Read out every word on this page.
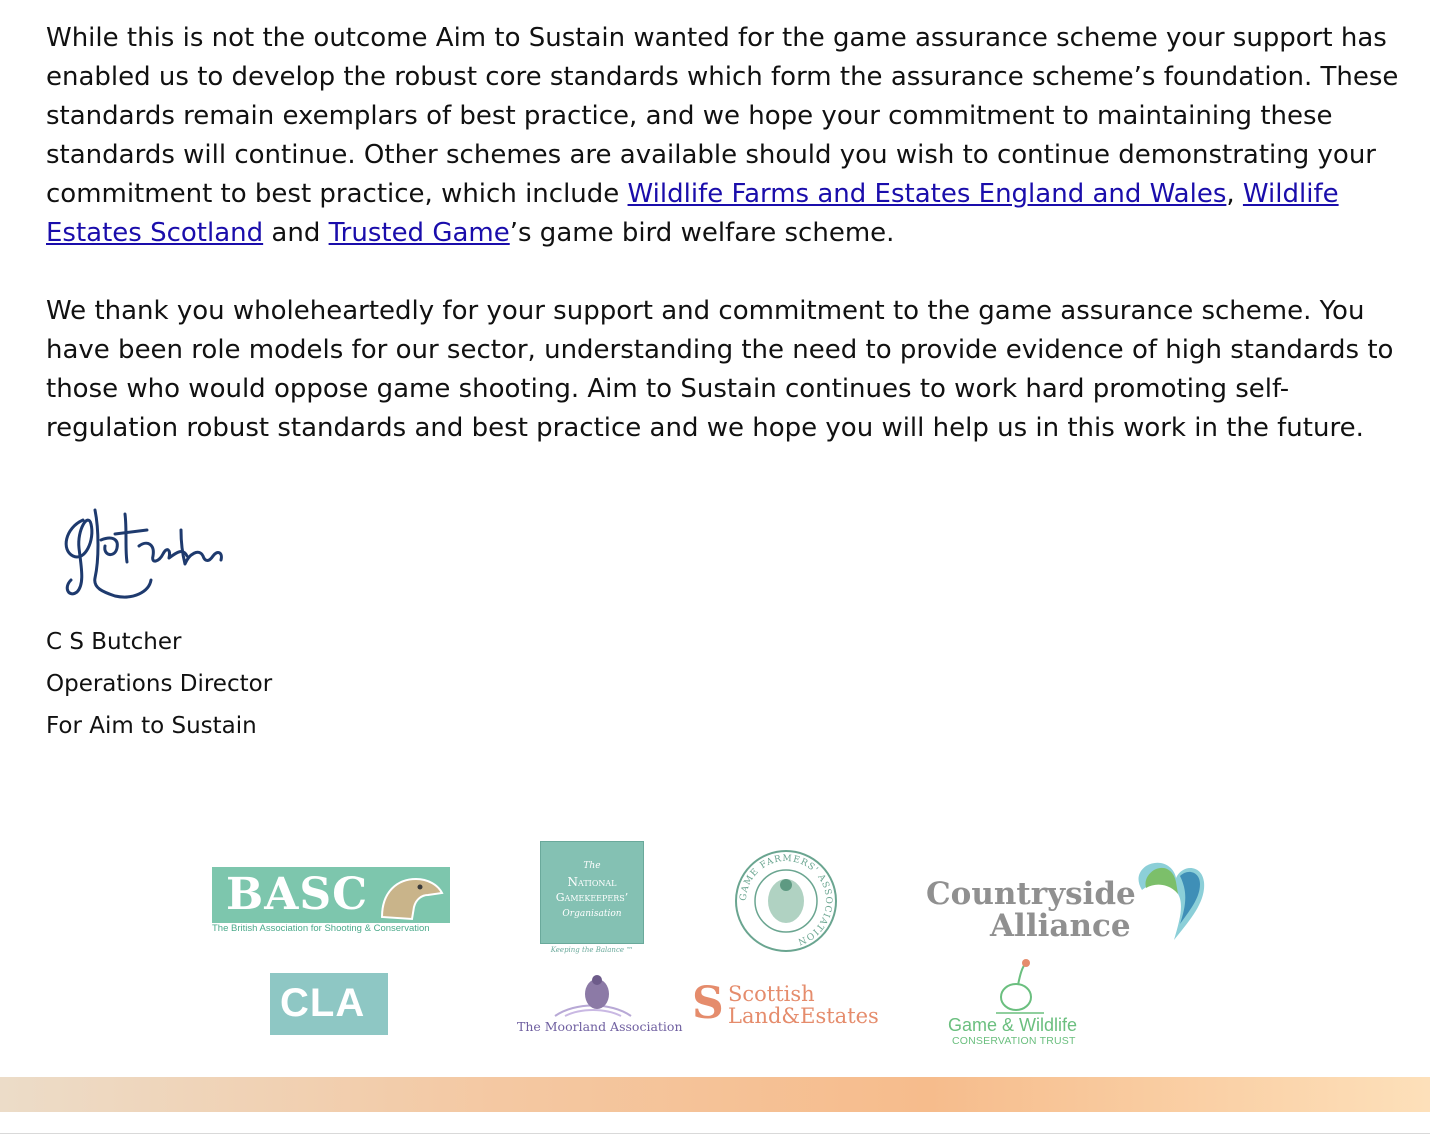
While this is not the outcome Aim to Sustain wanted for the game assurance scheme your support has enabled us to develop the robust core standards which form the assurance scheme’s foundation. These standards remain exemplars of best practice, and we hope your commitment to maintaining these standards will continue. Other schemes are available should you wish to continue demonstrating your commitment to best practice, which include Wildlife Farms and Estates England and Wales, Wildlife Estates Scotland and Trusted Game’s game bird welfare scheme.

We thank you wholeheartedly for your support and commitment to the game assurance scheme. You have been role models for our sector, understanding the need to provide evidence of high standards to those who would oppose game shooting. Aim to Sustain continues to work hard promoting self-regulation robust standards and best practice and we hope you will help us in this work in the future.

C S Butcher

Operations Director

For Aim to Sustain

BASC
The British Association for Shooting & Conservation
The
National
Gamekeepers’
Organisation
Keeping the Balance ™
GAME FARMERS' ASSOCIATION
Countryside
Alliance
CLA
The Moorland Association S Scottish
Land&Estates	Game & Wildlife
CONSERVATION TRUST
